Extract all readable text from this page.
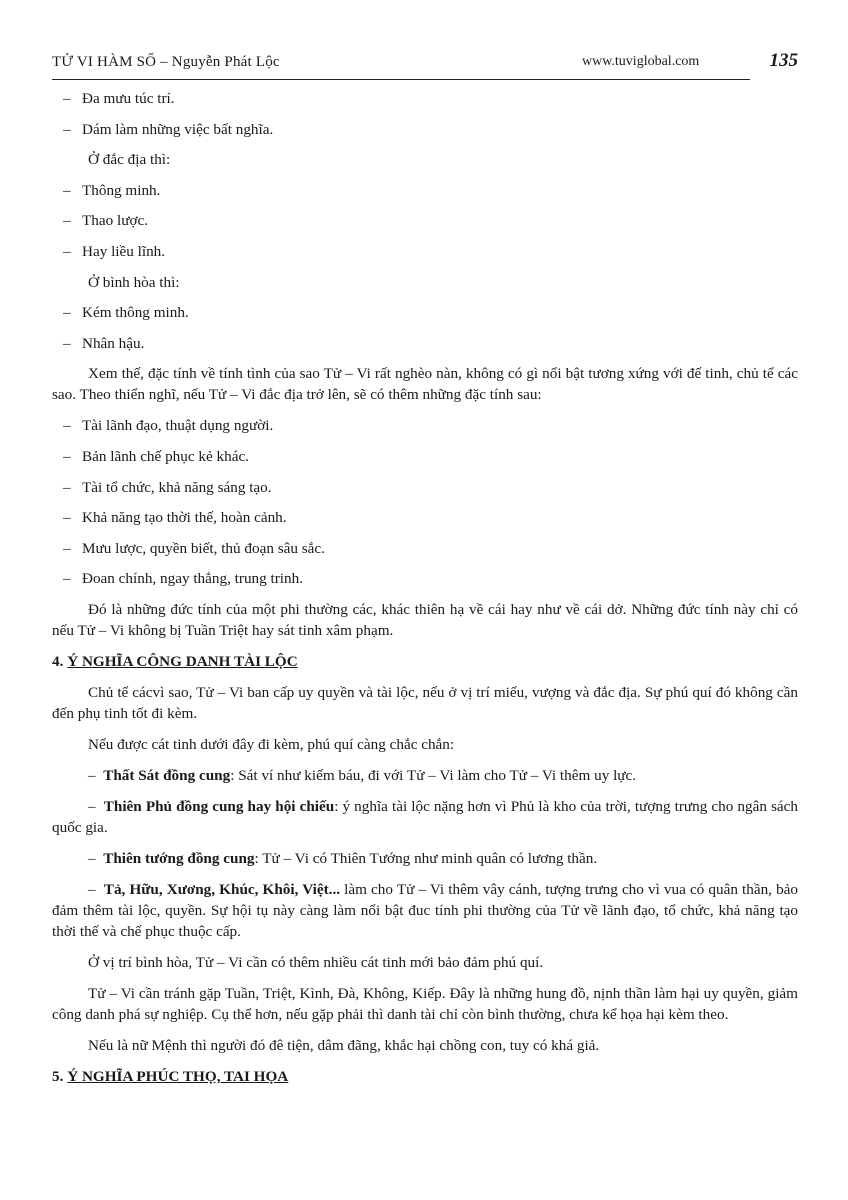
TỬ VI HÀM SỐ – Nguyễn Phát Lộc	www.tuviglobal.com	135

–   Đa mưu túc trí.

–   Dám làm những việc bất nghĩa.

Ở đắc địa thì:

–   Thông minh.

–   Thao lược.

–   Hay liều lĩnh.

Ở bình hòa thì:

–   Kém thông minh.

–   Nhân hậu.

Xem thế, đặc tính về tính tình của sao Tử – Vi rất nghèo nàn, không có gì nổi bật tương xứng với đế tinh, chủ tể các sao. Theo thiển nghĩ, nếu Tử – Vi đắc địa trở lên, sẽ có thêm những đặc tính sau:

–   Tài lãnh đạo, thuật dụng người.

–   Bản lãnh chế phục kẻ khác.

–   Tài tổ chức, khả năng sáng tạo.

–   Khả năng tạo thời thế, hoàn cảnh.

–   Mưu lược, quyền biết, thủ đoạn sâu sắc.

–   Đoan chính, ngay thẳng, trung trinh.

Đó là những đức tính của một phi thường các, khác thiên hạ về cái hay như về cái dở. Những đức tính này chỉ có nếu Tử – Vi không bị Tuần Triệt hay sát tinh xâm phạm.

4. Ý NGHĨA CÔNG DANH TÀI LỘC

Chủ tể cácvì sao, Tử – Vi ban cấp uy quyền và tài lộc, nếu ở vị trí miếu, vượng và đắc địa. Sự phú quí đó không cần đến phụ tinh tốt đi kèm.

Nếu được cát tinh dưới đây đi kèm, phú quí càng chắc chắn:

– Thất Sát đồng cung: Sát ví như kiếm báu, đi với Tử – Vi làm cho Tử – Vi thêm uy lực.

– Thiên Phủ đồng cung hay hội chiếu: ý nghĩa tài lộc nặng hơn vì Phủ là kho của trời, tượng trưng cho ngân sách quốc gia.

– Thiên tướng đồng cung: Tử – Vi có Thiên Tướng như minh quân có lương thần.

– Tả, Hữu, Xương, Khúc, Khôi, Việt... làm cho Tử – Vi thêm vây cánh, tượng trưng cho vì vua có quân thần, bảo đảm thêm tài lộc, quyền. Sự hội tụ này càng làm nổi bật đuc tính phi thường của Tử về lãnh đạo, tổ chức, khả năng tạo thời thế và chế phục thuộc cấp.

Ở vị trí bình hòa, Tử – Vi cần có thêm nhiều cát tinh mới bảo đảm phú quí.

Tử – Vi cần tránh gặp Tuần, Triệt, Kình, Đà, Không, Kiếp. Đây là những hung đồ, nịnh thần làm hại uy quyền, giảm công danh phá sự nghiệp. Cụ thể hơn, nếu gặp phải thì danh tài chỉ còn bình thường, chưa kể họa hại kèm theo.

Nếu là nữ Mệnh thì người đó đê tiện, dâm đãng, khắc hại chồng con, tuy có khá giả.

5. Ý NGHĨA PHÚC THỌ, TAI HỌA
